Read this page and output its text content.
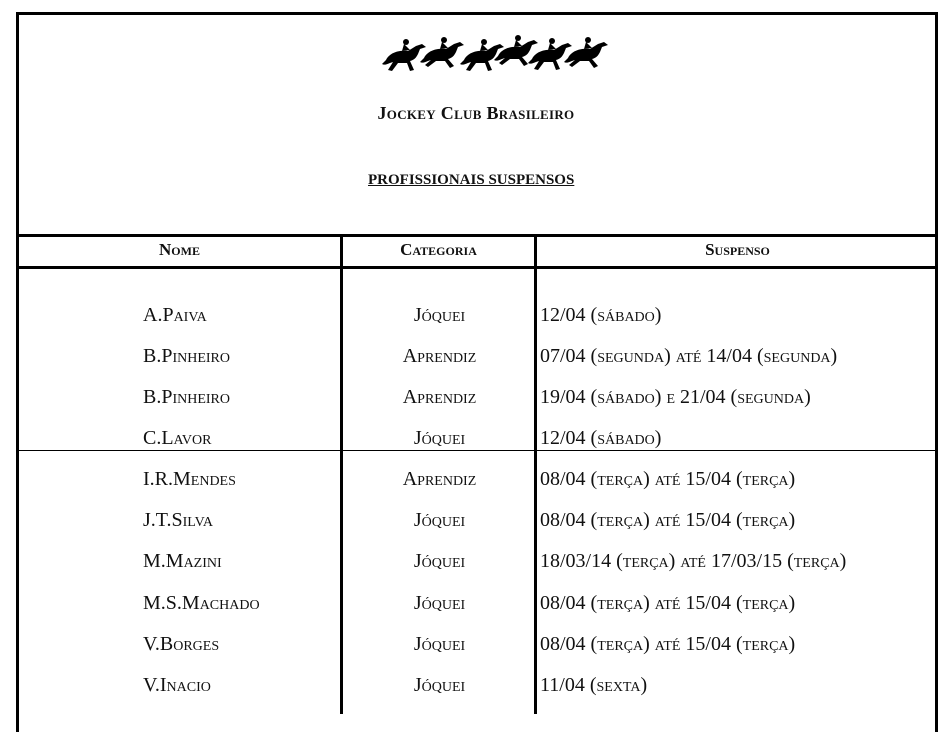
Jockey Club Brasileiro
PROFISSIONAIS SUSPENSOS
Nome	Categoria	Suspenso
A.Paiva	Jóquei	12/04 (sábado)
B.Pinheiro	Aprendiz	07/04 (segunda) até 14/04 (segunda)
B.Pinheiro	Aprendiz	19/04 (sábado) e 21/04 (segunda)
C.Lavor	Jóquei	12/04 (sábado)
I.R.Mendes	Aprendiz	08/04 (terça) até 15/04 (terça)
J.T.Silva	Jóquei	08/04 (terça) até 15/04 (terça)
M.Mazini	Jóquei	18/03/14 (terça) até 17/03/15 (terça)
M.S.Machado	Jóquei	08/04 (terça) até 15/04 (terça)
V.Borges	Jóquei	08/04 (terça) até 15/04 (terça)
V.Inacio	Jóquei	11/04 (sexta)
